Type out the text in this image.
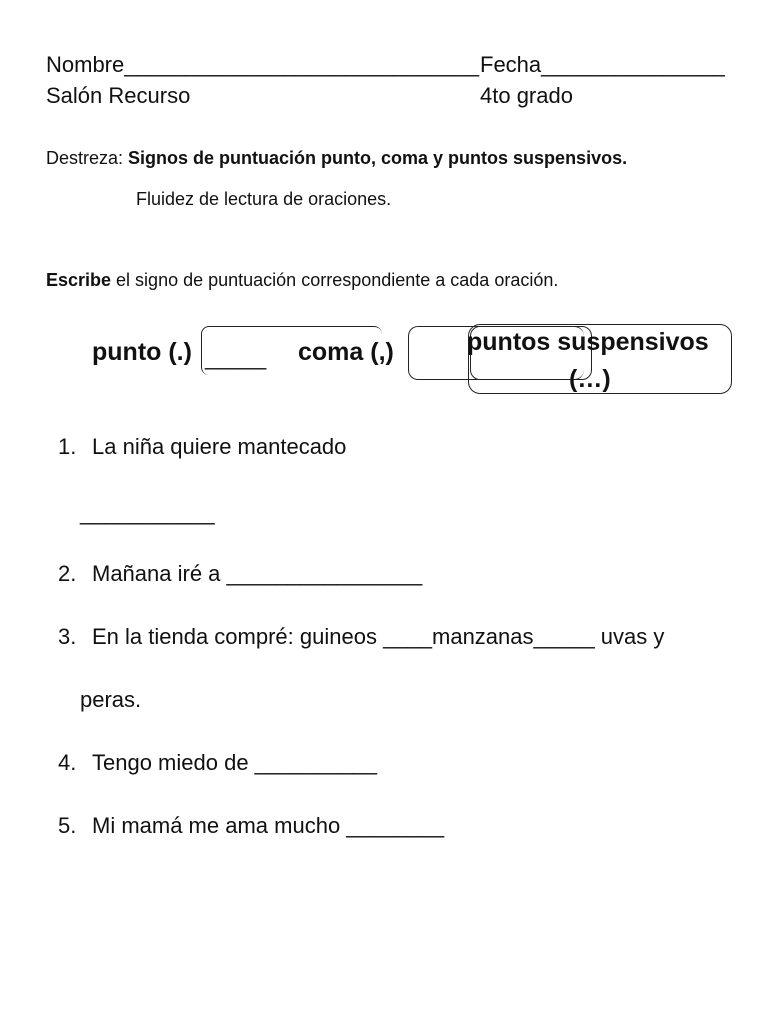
Nombre_____________________________ Fecha_______________
Salón Recurso	4to grado
Destreza: Signos de puntuación punto, coma y puntos suspensivos.
Fluidez de lectura de oraciones.
Escribe el signo de puntuación correspondiente a cada oración.
punto (.) _____ coma (,)	puntos suspensivos
(…)
1. La niña quiere mantecado
___________
2. Mañana iré a ________________
3. En la tienda compré: guineos ____manzanas_____ uvas y
peras.
4. Tengo miedo de __________
5. Mi mamá me ama mucho ________
